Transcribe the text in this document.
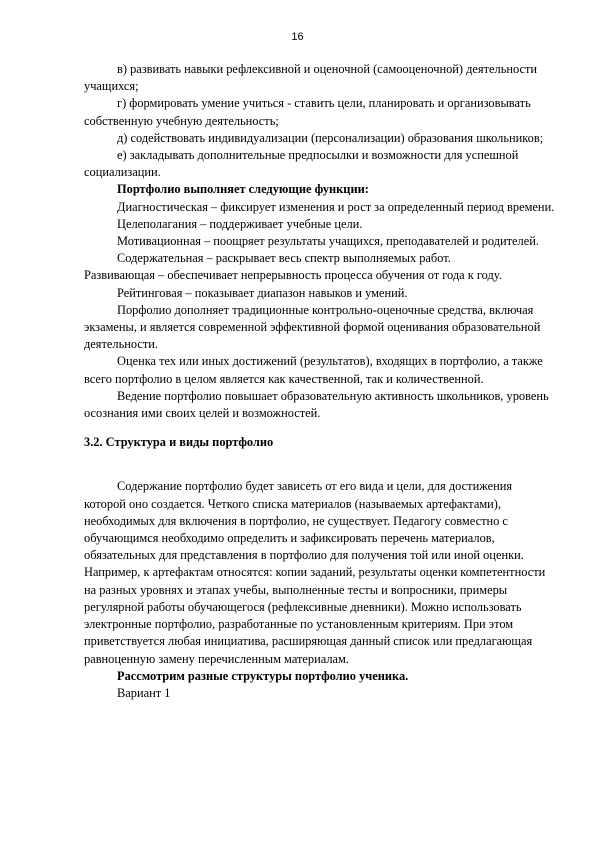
16

в) развивать навыки рефлексивной и оценочной (самооценочной) деятельности учащихся;

г) формировать умение учиться - ставить цели, планировать и организовывать собственную учебную деятельность;

д) содействовать индивидуализации (персонализации) образования школьников;

е) закладывать дополнительные предпосылки и возможности для успешной социализации.

Портфолио выполняет следующие функции:

Диагностическая – фиксирует изменения и рост за определенный период времени.

Целеполагания – поддерживает учебные цели.

Мотивационная – поощряет результаты учащихся, преподавателей и родителей.

Содержательная – раскрывает весь спектр выполняемых работ.

Развивающая – обеспечивает непрерывность процесса обучения от года к году.

Рейтинговая – показывает диапазон навыков и умений.

Порфолио дополняет традиционные контрольно-оценочные средства, включая экзамены, и является современной эффективной формой оценивания образовательной деятельности.

Оценка тех или иных достижений (результатов), входящих в портфолио, а также всего портфолио в целом является как качественной, так и количественной.

Ведение портфолио повышает образовательную активность школьников, уровень осознания ими своих целей и возможностей.

3.2. Структура и виды портфолио

Содержание портфолио будет зависеть от его вида и цели, для достижения которой оно создается. Четкого списка материалов (называемых артефактами), необходимых для включения в портфолио, не существует. Педагогу совместно с обучающимся необходимо определить и зафиксировать перечень материалов, обязательных для представления в портфолио для получения той или иной оценки. Например, к артефактам относятся: копии заданий, результаты оценки компетентности на разных уровнях и этапах учебы, выполненные тесты и вопросники, примеры регулярной работы обучающегося (рефлексивные дневники). Можно использовать электронные портфолио, разработанные по установленным критериям. При этом приветствуется любая инициатива, расширяющая данный список или предлагающая равноценную замену перечисленным материалам.

Рассмотрим разные структуры портфолио ученика.

Вариант 1
